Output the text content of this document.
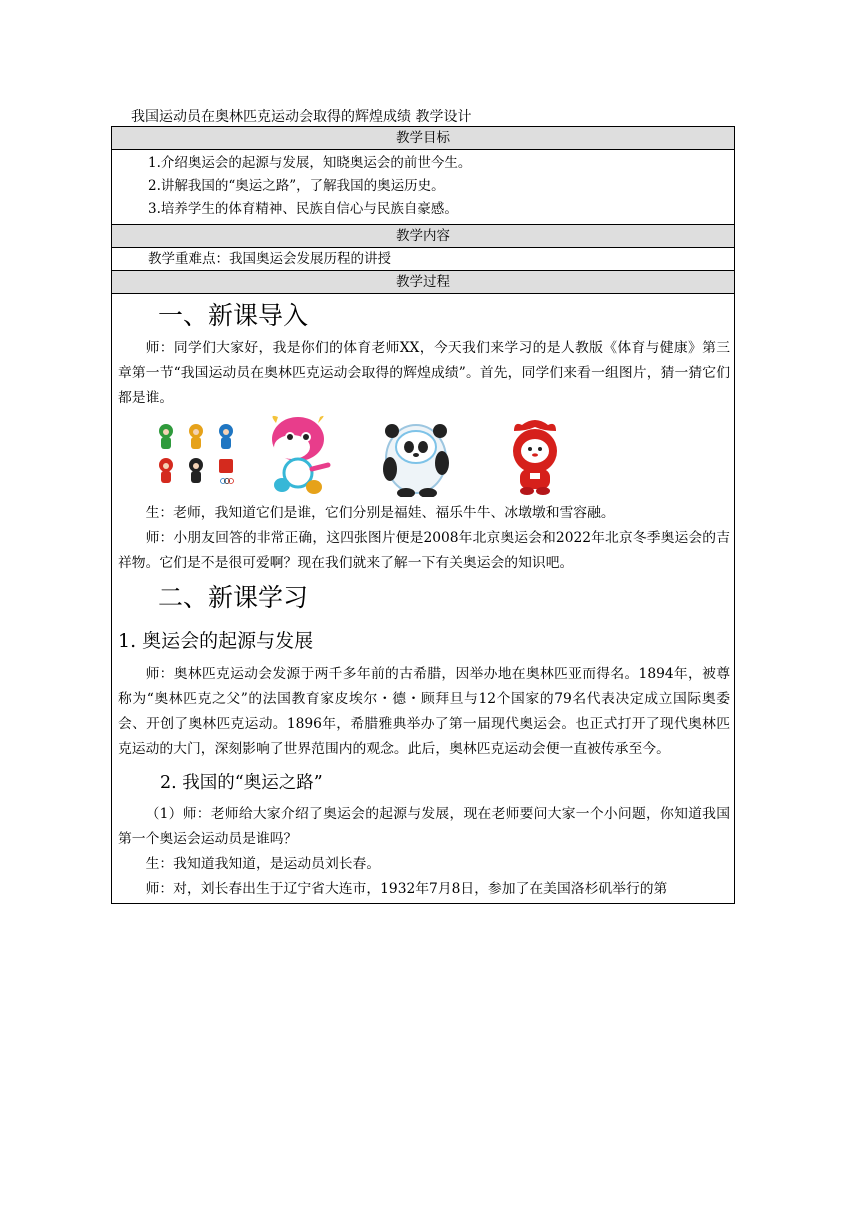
我国运动员在奥林匹克运动会取得的辉煌成绩 教学设计
教学目标
1.介绍奥运会的起源与发展，知晓奥运会的前世今生。
2.讲解我国的“奥运之路”，了解我国的奥运历史。
3.培养学生的体育精神、民族自信心与民族自豪感。
教学内容
教学重难点：我国奥运会发展历程的讲授
教学过程
一、新课导入
师：同学们大家好，我是你们的体育老师XX，今天我们来学习的是人教版《体育与健康》第三章第一节“我国运动员在奥林匹克运动会取得的辉煌成绩”。首先，同学们来看一组图片，猜一猜它们都是谁。
生：老师，我知道它们是谁，它们分别是福娃、福乐牛牛、冰墩墩和雪容融。
师：小朋友回答的非常正确，这四张图片便是2008年北京奥运会和2022年北京冬季奥运会的吉祥物。它们是不是很可爱啊？现在我们就来了解一下有关奥运会的知识吧。
二、新课学习
1. 奥运会的起源与发展
师：奥林匹克运动会发源于两千多年前的古希腊，因举办地在奥林匹亚而得名。1894年，被尊称为“奥林匹克之父”的法国教育家皮埃尔・德・顾拜旦与12个国家的79名代表决定成立国际奥委会、开创了奥林匹克运动。1896年，希腊雅典举办了第一届现代奥运会。也正式打开了现代奥林匹克运动的大门，深刻影响了世界范围内的观念。此后，奥林匹克运动会便一直被传承至今。
2. 我国的“奥运之路”
（1）师：老师给大家介绍了奥运会的起源与发展，现在老师要问大家一个小问题，你知道我国第一个奥运会运动员是谁吗？
生：我知道我知道，是运动员刘长春。
师：对，刘长春出生于辽宁省大连市，1932年7月8日，参加了在美国洛杉矶举行的第
